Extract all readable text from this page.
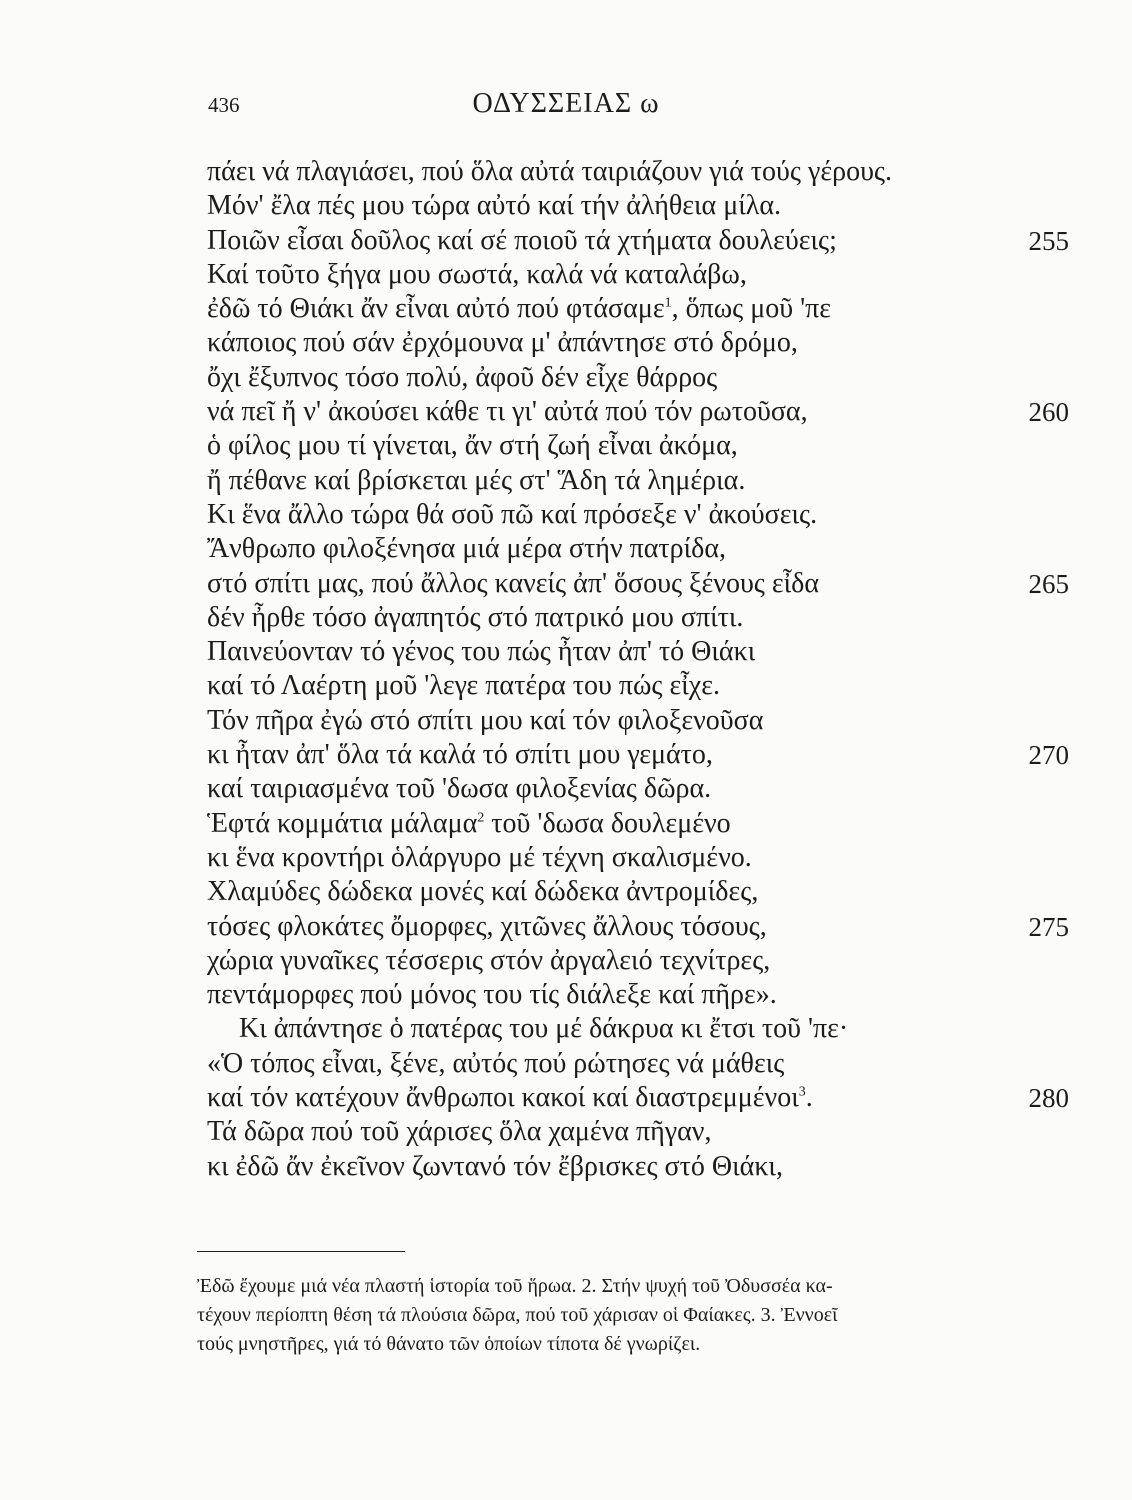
436	ΟΔΥΣΣΕΙΑΣ ω
πάει νά πλαγιάσει, πού ὅλα αὐτά ταιριάζουν γιά τούς γέρους.
Μόν' ἔλα πές μου τώρα αὐτό καί τήν ἀλήθεια μίλα.
Ποιῶν εἶσαι δοῦλος καί σέ ποιοῦ τά χτήματα δουλεύεις;	255
Καί τοῦτο ξήγα μου σωστά, καλά νά καταλάβω,
ἐδῶ τό Θιάκι ἄν εἶναι αὐτό πού φτάσαμε$^1$, ὅπως μοῦ 'πε
κάποιος πού σάν ἐρχόμουνα μ' ἀπάντησε στό δρόμο,
ὄχι ἔξυπνος τόσο πολύ, ἀφοῦ δέν εἶχε θάρρος
νά πεῖ ἤ ν' ἀκούσει κάθε τι γι' αὐτά πού τόν ρωτοῦσα,	260
ὁ φίλος μου τί γίνεται, ἄν στή ζωή εἶναι ἀκόμα,
ἤ πέθανε καί βρίσκεται μές στ' Ἅδη τά λημέρια.
Κι ἕνα ἄλλο τώρα θά σοῦ πῶ καί πρόσεξε ν' ἀκούσεις.
Ἄνθρωπο φιλοξένησα μιά μέρα στήν πατρίδα,
στό σπίτι μας, πού ἄλλος κανείς ἀπ' ὅσους ξένους εἶδα	265
δέν ἦρθε τόσο ἀγαπητός στό πατρικό μου σπίτι.
Παινεύονταν τό γένος του πώς ἦταν ἀπ' τό Θιάκι
καί τό Λαέρτη μοῦ 'λεγε πατέρα του πώς εἶχε.
Τόν πῆρα ἐγώ στό σπίτι μου καί τόν φιλοξενοῦσα
κι ἦταν ἀπ' ὅλα τά καλά τό σπίτι μου γεμάτο,	270
καί ταιριασμένα τοῦ 'δωσα φιλοξενίας δῶρα.
Ἑφτά κομμάτια μάλαμα$^2$ τοῦ 'δωσα δουλεμένο
κι ἕνα κροντήρι ὁλάργυρο μέ τέχνη σκαλισμένο.
Χλαμύδες δώδεκα μονές καί δώδεκα ἀντρομίδες,
τόσες φλοκάτες ὄμορφες, χιτῶνες ἄλλους τόσους,	275
χώρια γυναῖκες τέσσερις στόν ἀργαλειό τεχνίτρες,
πεντάμορφες πού μόνος του τίς διάλεξε καί πῆρε».
Κι ἀπάντησε ὁ πατέρας του μέ δάκρυα κι ἔτσι τοῦ 'πε·
«Ὁ τόπος εἶναι, ξένε, αὐτός πού ρώτησες νά μάθεις
καί τόν κατέχουν ἄνθρωποι κακοί καί διαστρεμμένοι$^3$.	280
Τά δῶρα πού τοῦ χάρισες ὅλα χαμένα πῆγαν,
κι ἐδῶ ἄν ἐκεῖνον ζωντανό τόν ἔβρισκες στό Θιάκι,
Ἐδῶ ἔχουμε μιά νέα πλαστή ἱστορία τοῦ ἥρωα. 2. Στήν ψυχή τοῦ Ὀδυσσέα κα-
τέχουν περίοπτη θέση τά πλούσια δῶρα, πού τοῦ χάρισαν οἱ Φαίακες. 3. Ἐννοεῖ
τούς μνηστῆρες, γιά τό θάνατο τῶν ὁποίων τίποτα δέ γνωρίζει.
